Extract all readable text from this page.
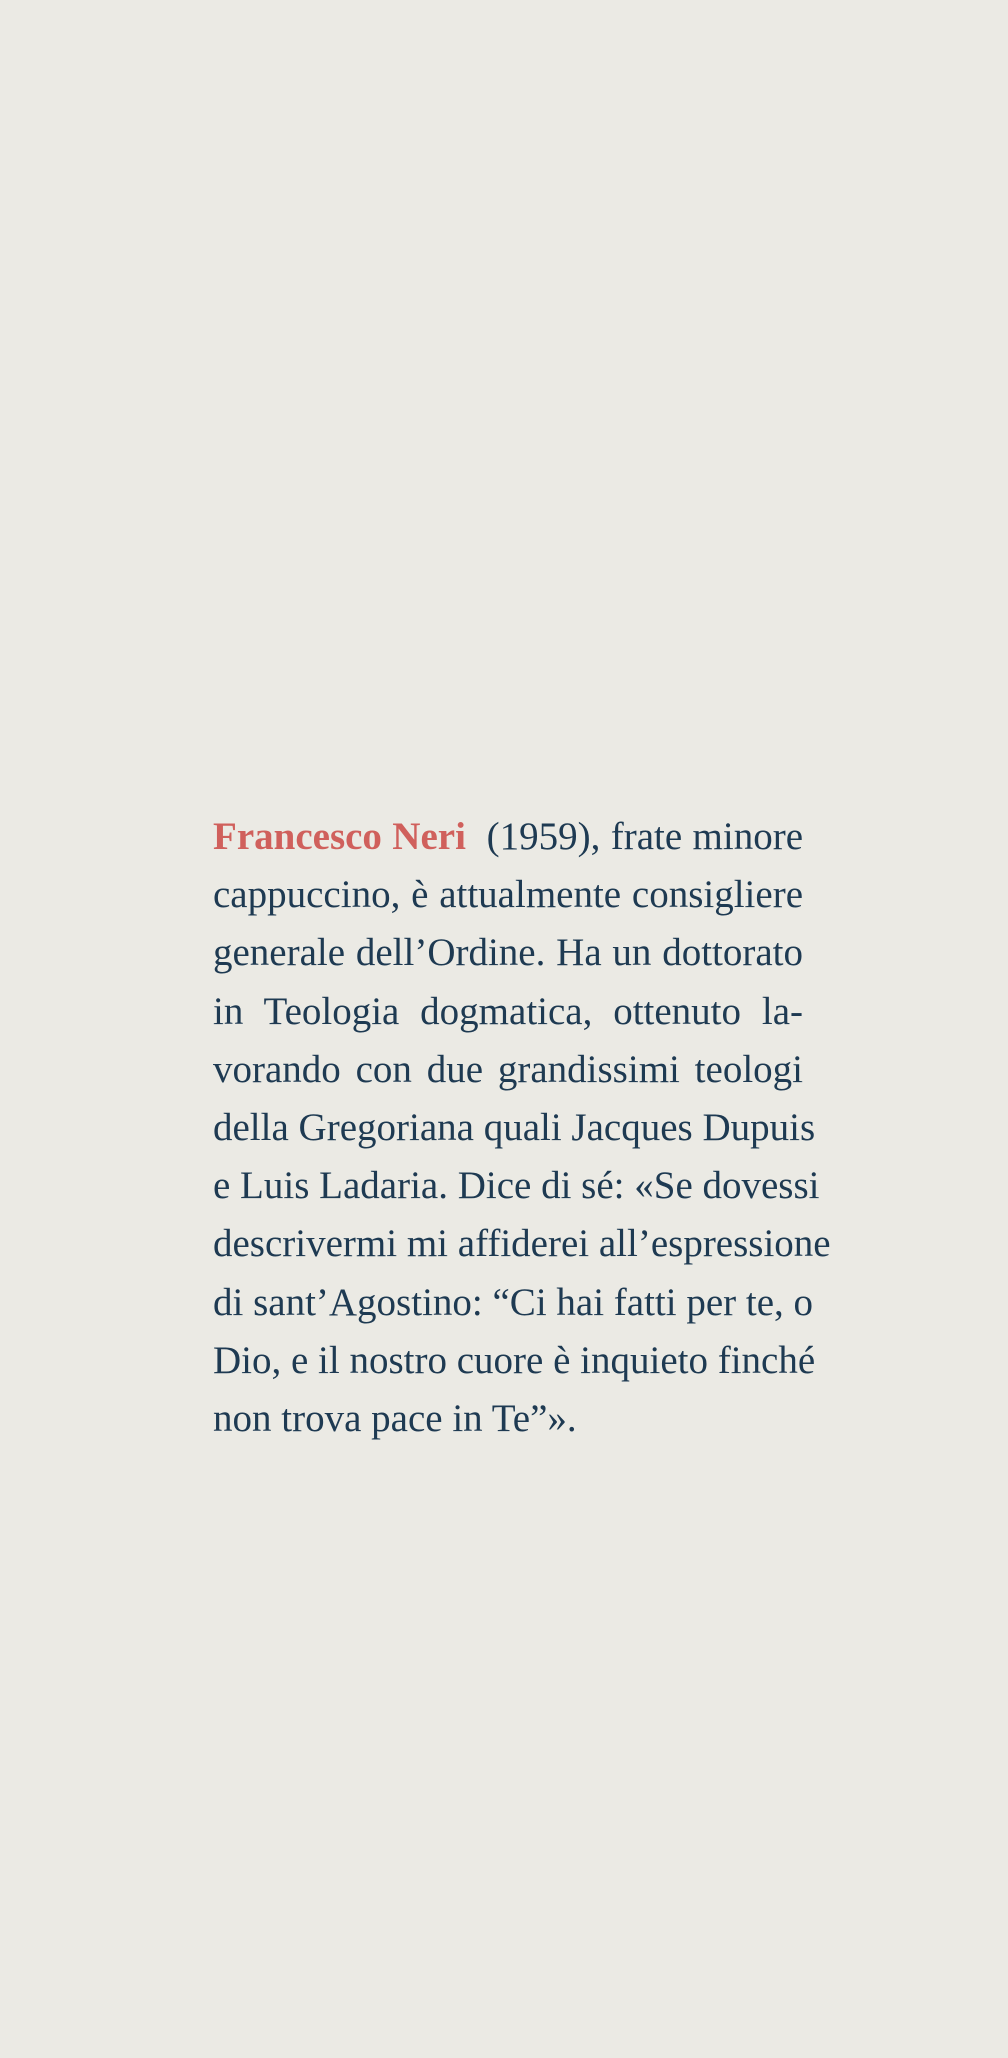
Francesco Neri (1959), frate minore
cappuccino, è attualmente consigliere
generale dell’Ordine. Ha un dottorato
in Teologia dogmatica, ottenuto la-
vorando con due grandissimi teologi
della Gregoriana quali Jacques Dupuis
e Luis Ladaria. Dice di sé: «Se dovessi
descrivermi mi affiderei all’espressione
di sant’Agostino: “Ci hai fatti per te, o
Dio, e il nostro cuore è inquieto finché
non trova pace in Te”».
